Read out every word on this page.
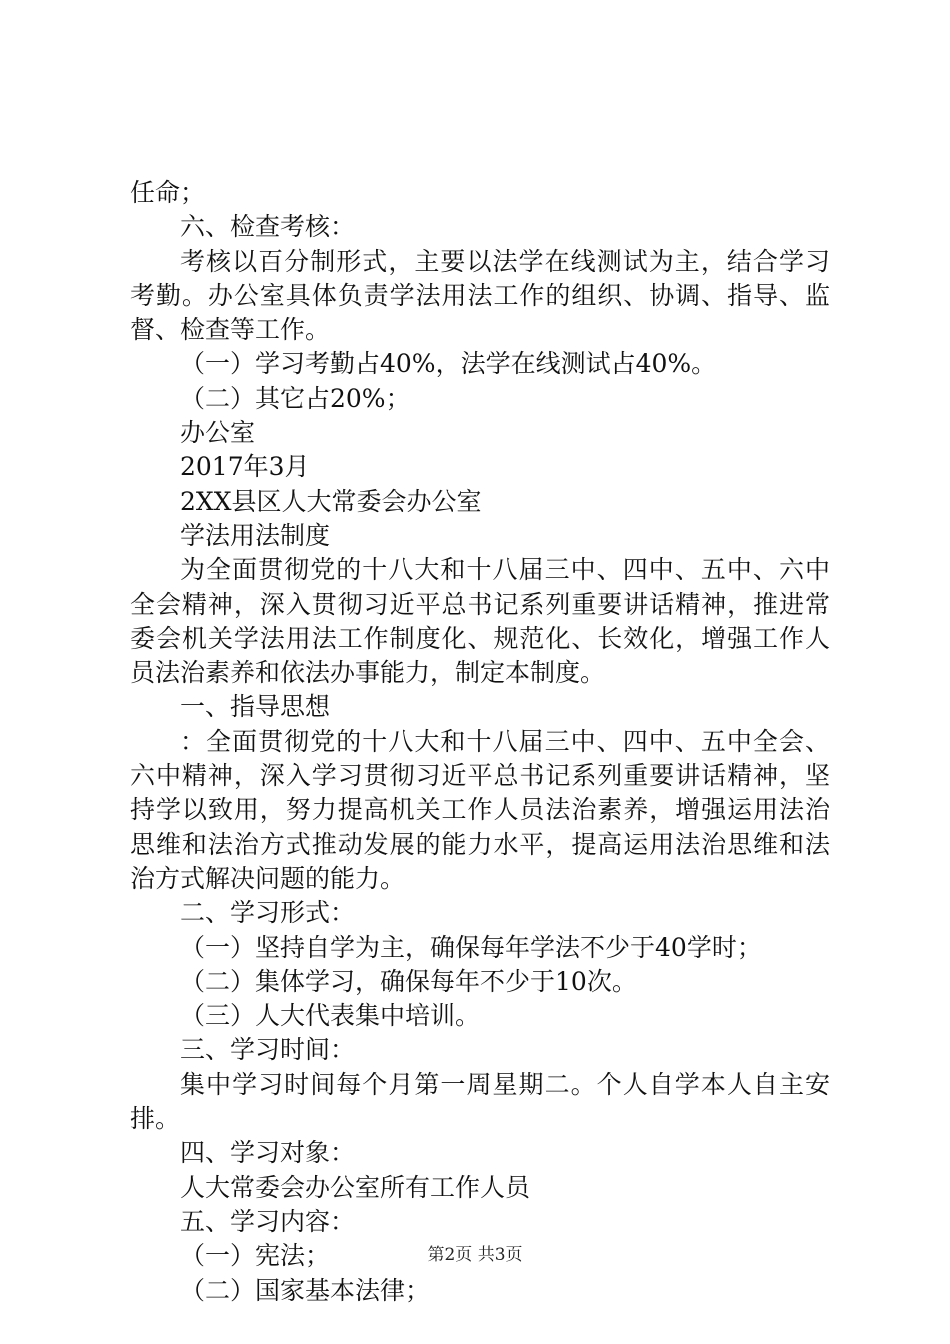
任命；
六、检查考核：
考核以百分制形式，主要以法学在线测试为主，结合学习
考勤。办公室具体负责学法用法工作的组织、协调、指导、监
督、检查等工作。
（一）学习考勤占40%，法学在线测试占40%。
（二）其它占20%；
办公室
2017年3月
2XX县区人大常委会办公室
学法用法制度
为全面贯彻党的十八大和十八届三中、四中、五中、六中
全会精神，深入贯彻习近平总书记系列重要讲话精神，推进常
委会机关学法用法工作制度化、规范化、长效化，增强工作人
员法治素养和依法办事能力，制定本制度。
一、指导思想
：全面贯彻党的十八大和十八届三中、四中、五中全会、
六中精神，深入学习贯彻习近平总书记系列重要讲话精神，坚
持学以致用，努力提高机关工作人员法治素养，增强运用法治
思维和法治方式推动发展的能力水平，提高运用法治思维和法
治方式解决问题的能力。
二、学习形式：
（一）坚持自学为主，确保每年学法不少于40学时；
（二）集体学习，确保每年不少于10次。
（三）人大代表集中培训。
三、学习时间：
集中学习时间每个月第一周星期二。个人自学本人自主安
排。
四、学习对象：
人大常委会办公室所有工作人员
五、学习内容：
（一）宪法；
（二）国家基本法律；
第2页 共3页
